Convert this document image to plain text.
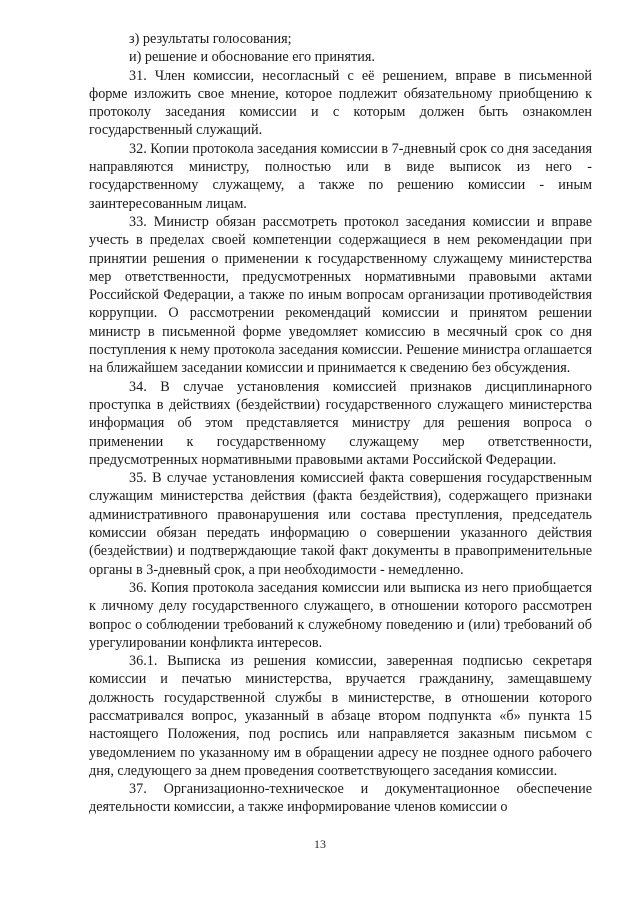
з) результаты голосования;

и) решение и обоснование его принятия.

31. Член комиссии, несогласный с её решением, вправе в письменной форме изложить свое мнение, которое подлежит обязательному приобщению к протоколу заседания комиссии и с которым должен быть ознакомлен государственный служащий.

32. Копии протокола заседания комиссии в 7-дневный срок со дня заседания направляются министру, полностью или в виде выписок из него - государственному служащему, а также по решению комиссии - иным заинтересованным лицам.

33. Министр обязан рассмотреть протокол заседания комиссии и вправе учесть в пределах своей компетенции содержащиеся в нем рекомендации при принятии решения о применении к государственному служащему министерства мер ответственности, предусмотренных нормативными правовыми актами Российской Федерации, а также по иным вопросам организации противодействия коррупции. О рассмотрении рекомендаций комиссии и принятом решении министр в письменной форме уведомляет комиссию в месячный срок со дня поступления к нему протокола заседания комиссии. Решение министра оглашается на ближайшем заседании комиссии и принимается к сведению без обсуждения.

34. В случае установления комиссией признаков дисциплинарного проступка в действиях (бездействии) государственного служащего министерства информация об этом представляется министру для решения вопроса о применении к государственному служащему мер ответственности, предусмотренных нормативными правовыми актами Российской Федерации.

35. В случае установления комиссией факта совершения государственным служащим министерства действия (факта бездействия), содержащего признаки административного правонарушения или состава преступления, председатель комиссии обязан передать информацию о совершении указанного действия (бездействии) и подтверждающие такой факт документы в правоприменительные органы в 3-дневный срок, а при необходимости - немедленно.

36. Копия протокола заседания комиссии или выписка из него приобщается к личному делу государственного служащего, в отношении которого рассмотрен вопрос о соблюдении требований к служебному поведению и (или) требований об урегулировании конфликта интересов.

36.1. Выписка из решения комиссии, заверенная подписью секретаря комиссии и печатью министерства, вручается гражданину, замещавшему должность государственной службы в министерстве, в отношении которого рассматривался вопрос, указанный в абзаце втором подпункта «б» пункта 15 настоящего Положения, под роспись или направляется заказным письмом с уведомлением по указанному им в обращении адресу не позднее одного рабочего дня, следующего за днем проведения соответствующего заседания комиссии.

37. Организационно-техническое и документационное обеспечение деятельности комиссии, а также информирование членов комиссии о

13
